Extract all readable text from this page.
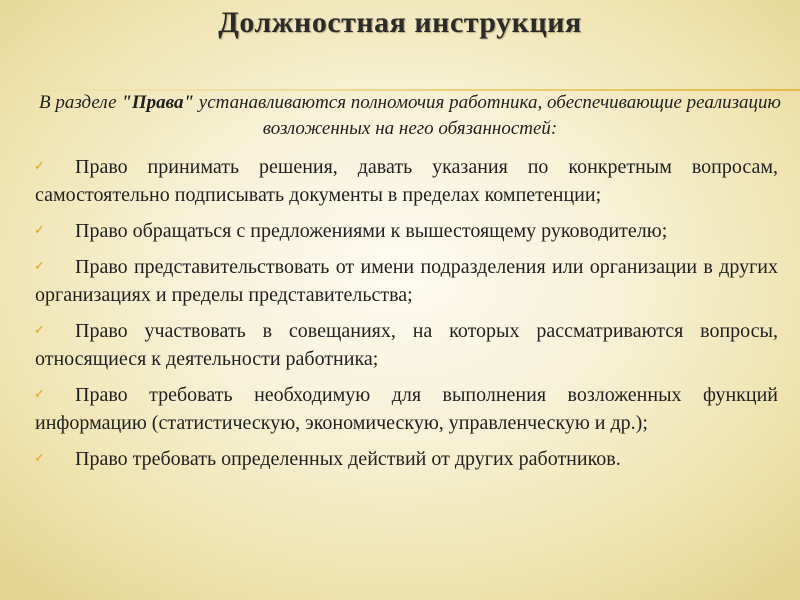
Должностная инструкция
В разделе "Права" устанавливаются полномочия работника, обеспечивающие реализацию возложенных на него обязанностей:
✓ Право принимать решения, давать указания по конкретным вопросам, самостоятельно подписывать документы в пределах компетенции;
✓ Право обращаться с предложениями к вышестоящему руководителю;
✓ Право представительствовать от имени подразделения или организации в других организациях и пределы представительства;
✓ Право участвовать в совещаниях, на которых рассматриваются вопросы, относящиеся к деятельности работника;
✓ Право требовать необходимую для выполнения возложенных функций информацию (статистическую, экономическую, управленческую и др.);
✓ Право требовать определенных действий от других работников.
